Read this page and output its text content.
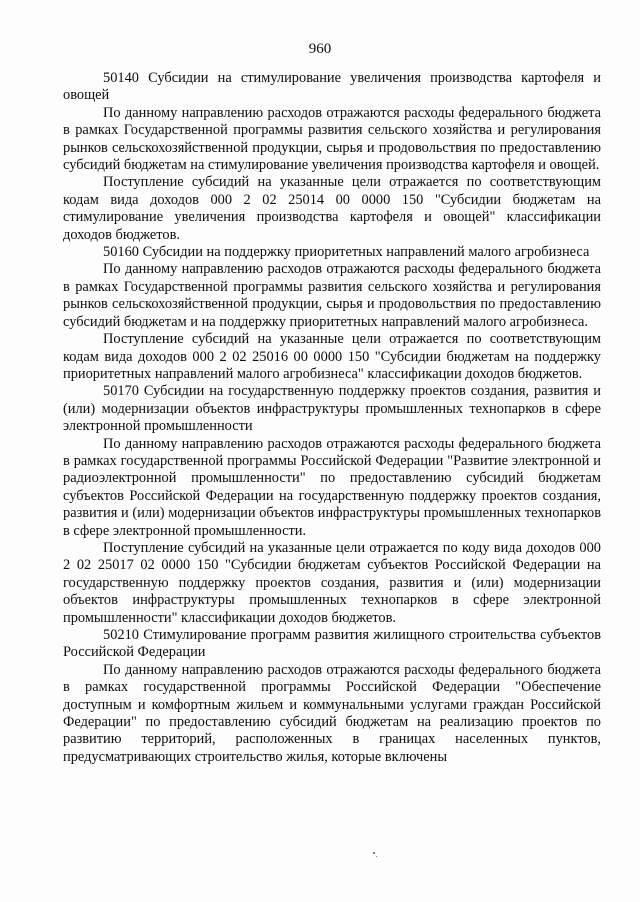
960

50140 Субсидии на стимулирование увеличения производства картофеля и овощей

По данному направлению расходов отражаются расходы федерального бюджета в рамках Государственной программы развития сельского хозяйства и регулирования рынков сельскохозяйственной продукции, сырья и продовольствия по предоставлению субсидий бюджетам на стимулирование увеличения производства картофеля и овощей.

Поступление субсидий на указанные цели отражается по соответствующим кодам вида доходов 000 2 02 25014 00 0000 150 "Субсидии бюджетам на стимулирование увеличения производства картофеля и овощей" классификации доходов бюджетов.

50160 Субсидии на поддержку приоритетных направлений малого агробизнеса

По данному направлению расходов отражаются расходы федерального бюджета в рамках Государственной программы развития сельского хозяйства и регулирования рынков сельскохозяйственной продукции, сырья и продовольствия по предоставлению субсидий бюджетам и на поддержку приоритетных направлений малого агробизнеса.

Поступление субсидий на указанные цели отражается по соответствующим кодам вида доходов 000 2 02 25016 00 0000 150 "Субсидии бюджетам на поддержку приоритетных направлений малого агробизнеса" классификации доходов бюджетов.

50170 Субсидии на государственную поддержку проектов создания, развития и (или) модернизации объектов инфраструктуры промышленных технопарков в сфере электронной промышленности

По данному направлению расходов отражаются расходы федерального бюджета в рамках государственной программы Российской Федерации "Развитие электронной и радиоэлектронной промышленности" по предоставлению субсидий бюджетам субъектов Российской Федерации на государственную поддержку проектов создания, развития и (или) модернизации объектов инфраструктуры промышленных технопарков в сфере электронной промышленности.

Поступление субсидий на указанные цели отражается по коду вида доходов 000 2 02 25017 02 0000 150 "Субсидии бюджетам субъектов Российской Федерации на государственную поддержку проектов создания, развития и (или) модернизации объектов инфраструктуры промышленных технопарков в сфере электронной промышленности" классификации доходов бюджетов.

50210 Стимулирование программ развития жилищного строительства субъектов Российской Федерации

По данному направлению расходов отражаются расходы федерального бюджета в рамках государственной программы Российской Федерации "Обеспечение доступным и комфортным жильем и коммунальными услугами граждан Российской Федерации" по предоставлению субсидий бюджетам на реализацию проектов по развитию территорий, расположенных в границах населенных пунктов, предусматривающих строительство жилья, которые включены
